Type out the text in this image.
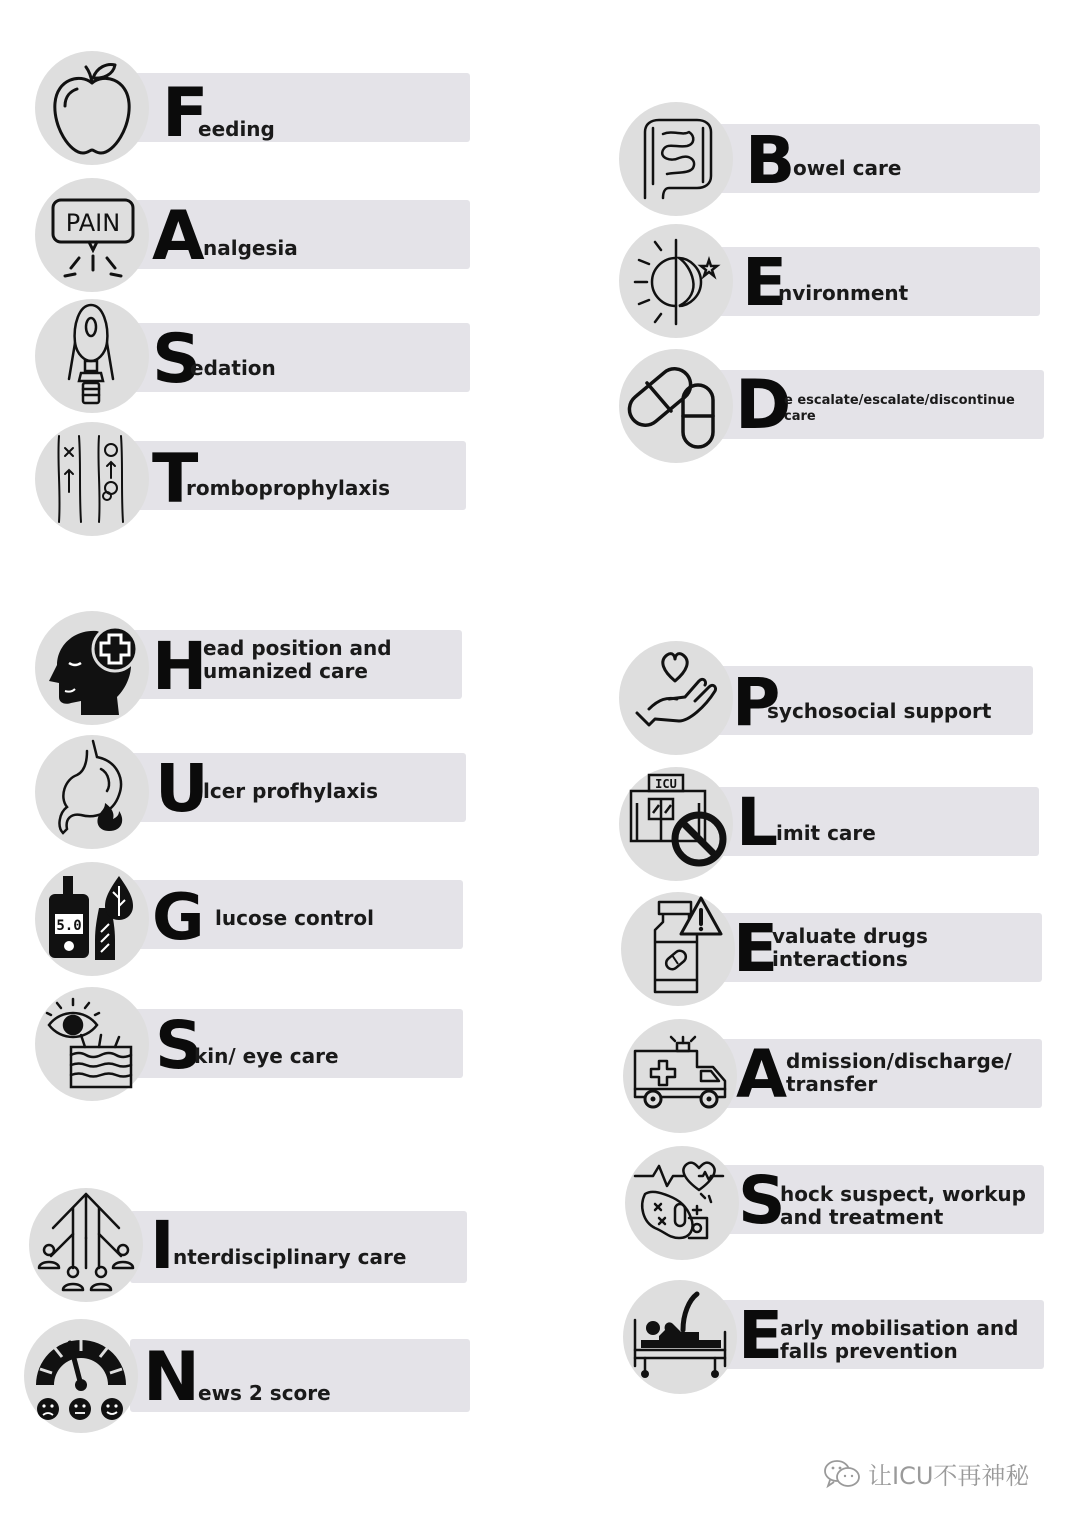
F
eeding
PAIN A
nalgesia
S
edation
T
romboprophylaxis
H
ead position and
umanized care
U
lcer profhylaxis
5.0 G lucose control
S
kin/ eye care
I
nterdisciplinary care
N
ews 2 score
B
owel care
E
nvironment
D
e escalate/escalate/discontinue
care
P
sychosocial support
ICU L
imit care
E
valuate drugs
interactions
A
dmission/discharge/
transfer
S
hock suspect, workup
and treatment
E
arly mobilisation and
falls prevention
让ICU不再神秘
